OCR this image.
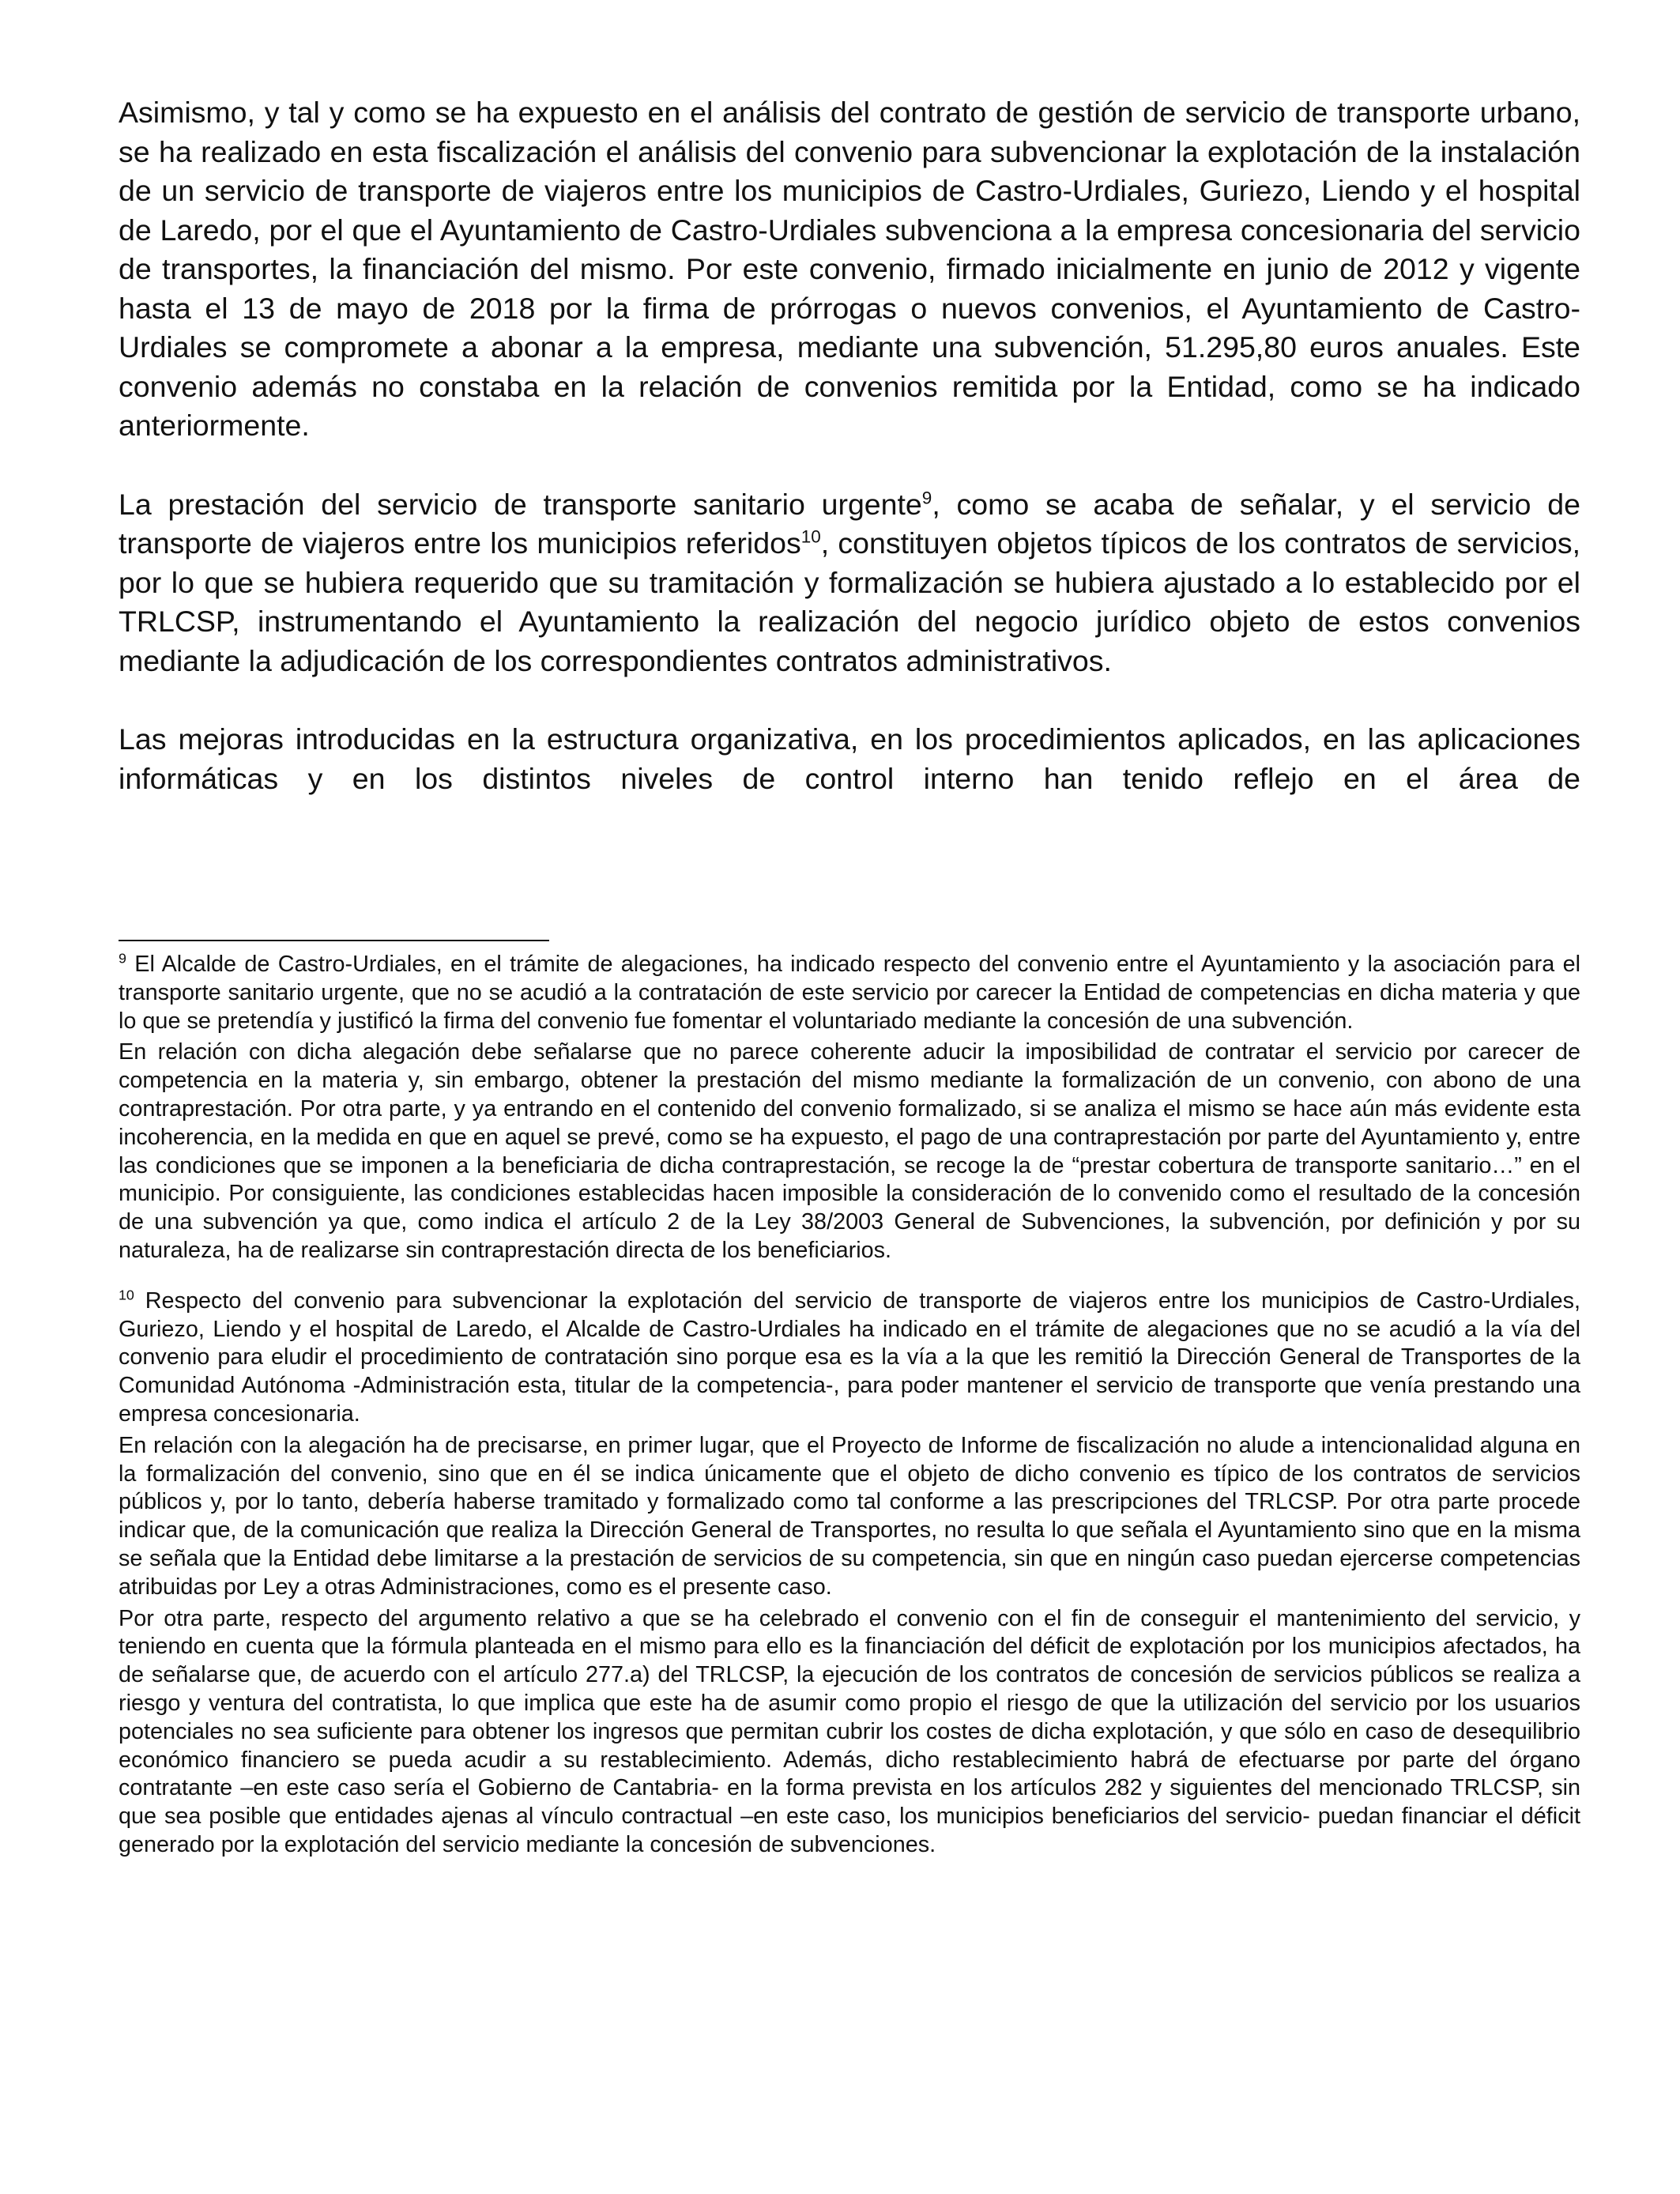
Asimismo, y tal y como se ha expuesto en el análisis del contrato de gestión de servicio de transporte urbano, se ha realizado en esta fiscalización el análisis del convenio para subvencionar la explotación de la instalación de un servicio de transporte de viajeros entre los municipios de Castro-Urdiales, Guriezo, Liendo y el hospital de Laredo, por el que el Ayuntamiento de Castro-Urdiales subvenciona a la empresa concesionaria del servicio de transportes, la financiación del mismo. Por este convenio, firmado inicialmente en junio de 2012 y vigente hasta el 13 de mayo de 2018 por la firma de prórrogas o nuevos convenios, el Ayuntamiento de Castro-Urdiales se compromete a abonar a la empresa, mediante una subvención, 51.295,80 euros anuales. Este convenio además no constaba en la relación de convenios remitida por la Entidad, como se ha indicado anteriormente.

La prestación del servicio de transporte sanitario urgente$^9$, como se acaba de señalar, y el servicio de transporte de viajeros entre los municipios referidos$^{10}$, constituyen objetos típicos de los contratos de servicios, por lo que se hubiera requerido que su tramitación y formalización se hubiera ajustado a lo establecido por el TRLCSP, instrumentando el Ayuntamiento la realización del negocio jurídico objeto de estos convenios mediante la adjudicación de los correspondientes contratos administrativos.

Las mejoras introducidas en la estructura organizativa, en los procedimientos aplicados, en las aplicaciones informáticas y en los distintos niveles de control interno han tenido reflejo en el área de

$^9$ El Alcalde de Castro-Urdiales, en el trámite de alegaciones, ha indicado respecto del convenio entre el Ayuntamiento y la asociación para el transporte sanitario urgente, que no se acudió a la contratación de este servicio por carecer la Entidad de competencias en dicha materia y que lo que se pretendía y justificó la firma del convenio fue fomentar el voluntariado mediante la concesión de una subvención.

En relación con dicha alegación debe señalarse que no parece coherente aducir la imposibilidad de contratar el servicio por carecer de competencia en la materia y, sin embargo, obtener la prestación del mismo mediante la formalización de un convenio, con abono de una contraprestación. Por otra parte, y ya entrando en el contenido del convenio formalizado, si se analiza el mismo se hace aún más evidente esta incoherencia, en la medida en que en aquel se prevé, como se ha expuesto, el pago de una contraprestación por parte del Ayuntamiento y, entre las condiciones que se imponen a la beneficiaria de dicha contraprestación, se recoge la de “prestar cobertura de transporte sanitario…” en el municipio. Por consiguiente, las condiciones establecidas hacen imposible la consideración de lo convenido como el resultado de la concesión de una subvención ya que, como indica el artículo 2 de la Ley 38/2003 General de Subvenciones, la subvención, por definición y por su naturaleza, ha de realizarse sin contraprestación directa de los beneficiarios.

$^{10}$ Respecto del convenio para subvencionar la explotación del servicio de transporte de viajeros entre los municipios de Castro-Urdiales, Guriezo, Liendo y el hospital de Laredo, el Alcalde de Castro-Urdiales ha indicado en el trámite de alegaciones que no se acudió a la vía del convenio para eludir el procedimiento de contratación sino porque esa es la vía a la que les remitió la Dirección General de Transportes de la Comunidad Autónoma -Administración esta, titular de la competencia-, para poder mantener el servicio de transporte que venía prestando una empresa concesionaria.

En relación con la alegación ha de precisarse, en primer lugar, que el Proyecto de Informe de fiscalización no alude a intencionalidad alguna en la formalización del convenio, sino que en él se indica únicamente que el objeto de dicho convenio es típico de los contratos de servicios públicos y, por lo tanto, debería haberse tramitado y formalizado como tal conforme a las prescripciones del TRLCSP. Por otra parte procede indicar que, de la comunicación que realiza la Dirección General de Transportes, no resulta lo que señala el Ayuntamiento sino que en la misma se señala que la Entidad debe limitarse a la prestación de servicios de su competencia, sin que en ningún caso puedan ejercerse competencias atribuidas por Ley a otras Administraciones, como es el presente caso.

Por otra parte, respecto del argumento relativo a que se ha celebrado el convenio con el fin de conseguir el mantenimiento del servicio, y teniendo en cuenta que la fórmula planteada en el mismo para ello es la financiación del déficit de explotación por los municipios afectados, ha de señalarse que, de acuerdo con el artículo 277.a) del TRLCSP, la ejecución de los contratos de concesión de servicios públicos se realiza a riesgo y ventura del contratista, lo que implica que este ha de asumir como propio el riesgo de que la utilización del servicio por los usuarios potenciales no sea suficiente para obtener los ingresos que permitan cubrir los costes de dicha explotación, y que sólo en caso de desequilibrio económico financiero se pueda acudir a su restablecimiento. Además, dicho restablecimiento habrá de efectuarse por parte del órgano contratante –en este caso sería el Gobierno de Cantabria- en la forma prevista en los artículos 282 y siguientes del mencionado TRLCSP, sin que sea posible que entidades ajenas al vínculo contractual –en este caso, los municipios beneficiarios del servicio- puedan financiar el déficit generado por la explotación del servicio mediante la concesión de subvenciones.
